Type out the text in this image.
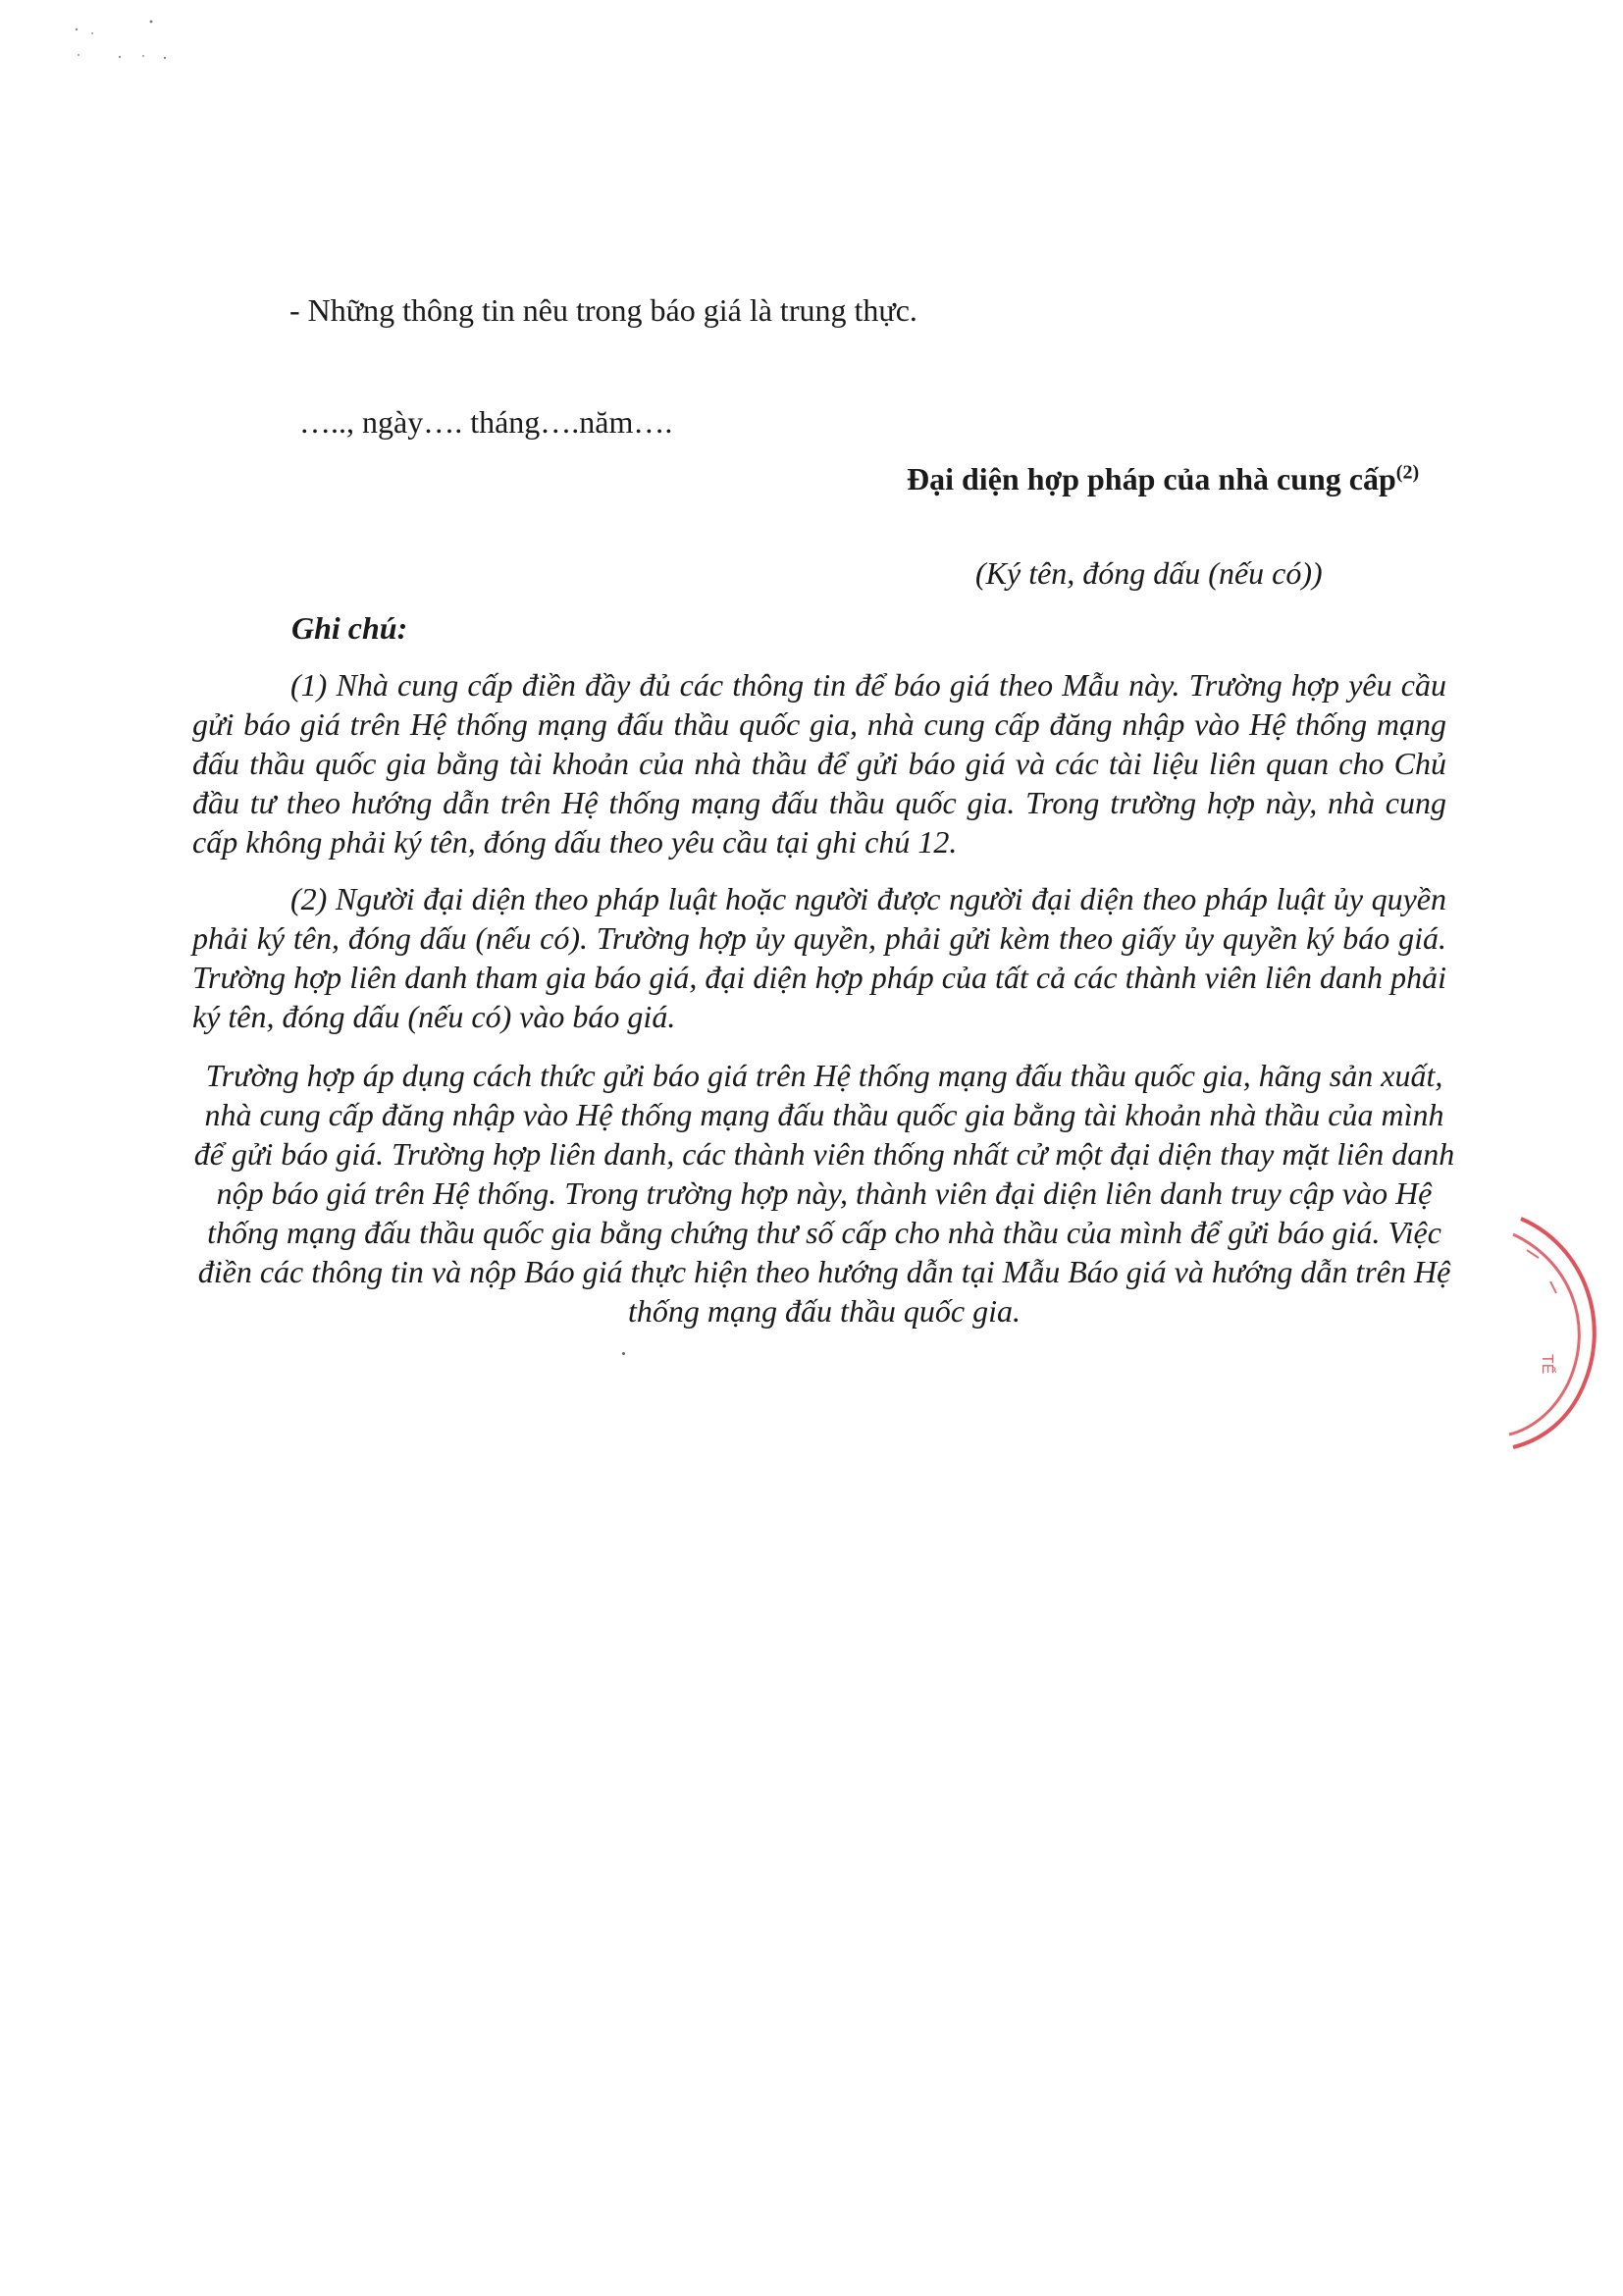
- Những thông tin nêu trong báo giá là trung thực.
….., ngày…. tháng….năm….
Đại diện hợp pháp của nhà cung cấp$^{(2)}$
(Ký tên, đóng dấu (nếu có))
Ghi chú:

(1) Nhà cung cấp điền đầy đủ các thông tin để báo giá theo Mẫu này. Trường hợp yêu cầu gửi báo giá trên Hệ thống mạng đấu thầu quốc gia, nhà cung cấp đăng nhập vào Hệ thống mạng đấu thầu quốc gia bằng tài khoản của nhà thầu để gửi báo giá và các tài liệu liên quan cho Chủ đầu tư theo hướng dẫn trên Hệ thống mạng đấu thầu quốc gia. Trong trường hợp này, nhà cung cấp không phải ký tên, đóng dấu theo yêu cầu tại ghi chú 12.

(2) Người đại diện theo pháp luật hoặc người được người đại diện theo pháp luật ủy quyền phải ký tên, đóng dấu (nếu có). Trường hợp ủy quyền, phải gửi kèm theo giấy ủy quyền ký báo giá. Trường hợp liên danh tham gia báo giá, đại diện hợp pháp của tất cả các thành viên liên danh phải ký tên, đóng dấu (nếu có) vào báo giá.

Trường hợp áp dụng cách thức gửi báo giá trên Hệ thống mạng đấu thầu quốc gia, hãng sản xuất, nhà cung cấp đăng nhập vào Hệ thống mạng đấu thầu quốc gia bằng tài khoản nhà thầu của mình để gửi báo giá. Trường hợp liên danh, các thành viên thống nhất cử một đại diện thay mặt liên danh nộp báo giá trên Hệ thống. Trong trường hợp này, thành viên đại diện liên danh truy cập vào Hệ thống mạng đấu thầu quốc gia bằng chứng thư số cấp cho nhà thầu của mình để gửi báo giá. Việc điền các thông tin và nộp Báo giá thực hiện theo hướng dẫn tại Mẫu Báo giá và hướng dẫn trên Hệ thống mạng đấu thầu quốc gia.

TẾ
